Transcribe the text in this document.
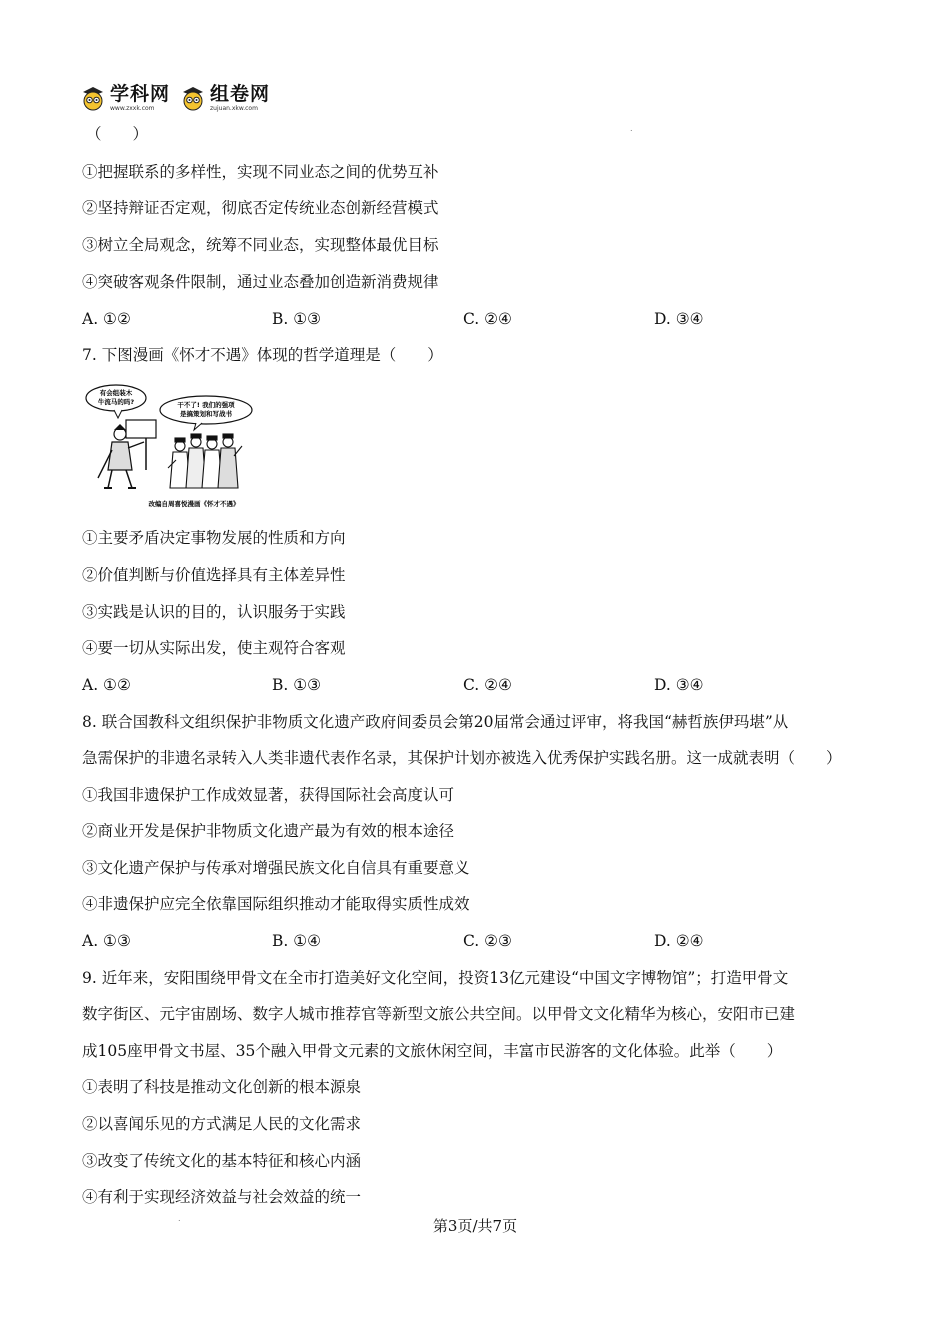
学科网
www.zxxk.com
组卷网
zujuan.xkw.com
.
（　　）
①把握联系的多样性，实现不同业态之间的优势互补
②坚持辩证否定观，彻底否定传统业态创新经营模式
③树立全局观念，统筹不同业态，实现整体最优目标
④突破客观条件限制，通过业态叠加创造新消费规律
A. ①②	B. ①③	C. ②④	D. ③④
7. 下图漫画《怀才不遇》体现的哲学道理是（　　）
有会组装木
牛流马的吗?	干不了! 我们的强项
是搞策划和写战书
改编自周喜悦漫画《怀才不遇》
①主要矛盾决定事物发展的性质和方向
②价值判断与价值选择具有主体差异性
③实践是认识的目的，认识服务于实践
④要一切从实际出发，使主观符合客观
A. ①②	B. ①③	C. ②④	D. ③④
8. 联合国教科文组织保护非物质文化遗产政府间委员会第20届常会通过评审，将我国“赫哲族伊玛堪”从
急需保护的非遗名录转入人类非遗代表作名录，其保护计划亦被选入优秀保护实践名册。这一成就表明（　　）
①我国非遗保护工作成效显著，获得国际社会高度认可
②商业开发是保护非物质文化遗产最为有效的根本途径
③文化遗产保护与传承对增强民族文化自信具有重要意义
④非遗保护应完全依靠国际组织推动才能取得实质性成效
A. ①③	B. ①④	C. ②③	D. ②④
9. 近年来，安阳围绕甲骨文在全市打造美好文化空间，投资13亿元建设“中国文字博物馆”；打造甲骨文
数字街区、元宇宙剧场、数字人城市推荐官等新型文旅公共空间。以甲骨文文化精华为核心，安阳市已建
成105座甲骨文书屋、35个融入甲骨文元素的文旅休闲空间，丰富市民游客的文化体验。此举（　　）
①表明了科技是推动文化创新的根本源泉
②以喜闻乐见的方式满足人民的文化需求
③改变了传统文化的基本特征和核心内涵
④有利于实现经济效益与社会效益的统一
.	第3页/共7页
